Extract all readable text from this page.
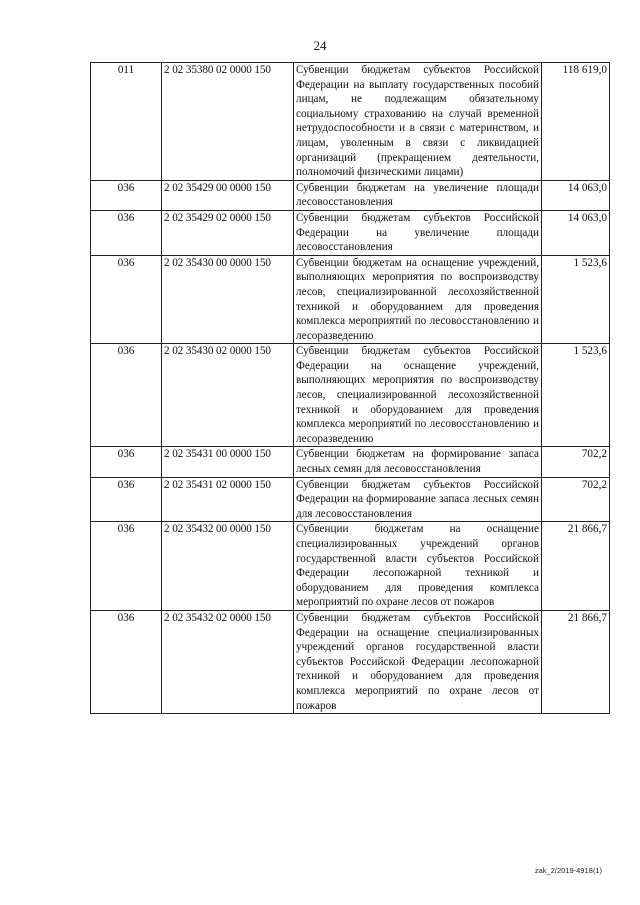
24
011	2 02 35380 02 0000 150	Субвенции бюджетам субъектов Российской Федерации на выплату государственных пособий лицам, не подлежащим обязательному социальному страхованию на случай временной нетрудоспособности и в связи с материнством, и лицам, уволенным в связи с ликвидацией организаций (прекращением деятельности, полномочий физическими лицами)	118 619,0
036	2 02 35429 00 0000 150	Субвенции бюджетам на увеличение площади лесовосстановления	14 063,0
036	2 02 35429 02 0000 150	Субвенции бюджетам субъектов Российской Федерации на увеличение площади лесовосстановления	14 063,0
036	2 02 35430 00 0000 150	Субвенции бюджетам на оснащение учреждений, выполняющих мероприятия по воспроизводству лесов, специализированной лесохозяйственной техникой и оборудованием для проведения комплекса мероприятий по лесовосстановлению и лесоразведению	1 523,6
036	2 02 35430 02 0000 150	Субвенции бюджетам субъектов Российской Федерации на оснащение учреждений, выполняющих мероприятия по воспроизводству лесов, специализированной лесохозяйственной техникой и оборудованием для проведения комплекса мероприятий по лесовосстановлению и лесоразведению	1 523,6
036	2 02 35431 00 0000 150	Субвенции бюджетам на формирование запаса лесных семян для лесовосстановления	702,2
036	2 02 35431 02 0000 150	Субвенции бюджетам субъектов Российской Федерации на формирование запаса лесных семян для лесовосстановления	702,2
036	2 02 35432 00 0000 150	Субвенции бюджетам на оснащение специализированных учреждений органов государственной власти субъектов Российской Федерации лесопожарной техникой и оборудованием для проведения комплекса мероприятий по охране лесов от пожаров	21 866,7
036	2 02 35432 02 0000 150	Субвенции бюджетам субъектов Российской Федерации на оснащение специализированных учреждений органов государственной власти субъектов Российской Федерации лесопожарной техникой и оборудованием для проведения комплекса мероприятий по охране лесов от пожаров	21 866,7
zak_2/2019-4918(1)
